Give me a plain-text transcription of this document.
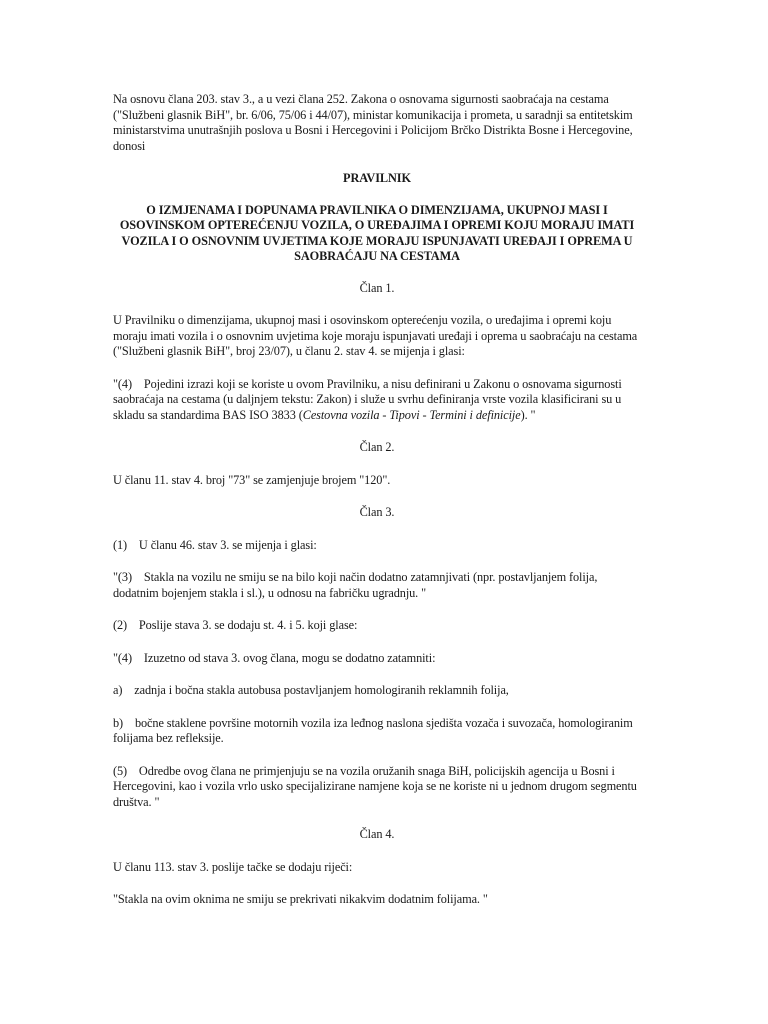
Na osnovu člana 203. stav 3., a u vezi člana 252. Zakona o osnovama sigurnosti saobraćaja na cestama ("Službeni glasnik BiH", br. 6/06, 75/06 i 44/07), ministar komunikacija i prometa, u saradnji sa entitetskim ministarstvima unutrašnjih poslova u Bosni i Hercegovini i Policijom Brčko Distrikta Bosne i Hercegovine, donosi

PRAVILNIK

O IZMJENAMA I DOPUNAMA PRAVILNIKA O DIMENZIJAMA, UKUPNOJ MASI I OSOVINSKOM OPTEREĆENJU VOZILA, O UREĐAJIMA I OPREMI KOJU MORAJU IMATI VOZILA I O OSNOVNIM UVJETIMA KOJE MORAJU ISPUNJAVATI UREĐAJI I OPREMA U SAOBRAĆAJU NA CESTAMA

Član 1.

U Pravilniku o dimenzijama, ukupnoj masi i osovinskom opterećenju vozila, o uređajima i opremi koju moraju imati vozila i o osnovnim uvjetima koje moraju ispunjavati uređaji i oprema u saobraćaju na cestama ("Službeni glasnik BiH", broj 23/07), u članu 2. stav 4. se mijenja i glasi:

"(4)    Pojedini izrazi koji se koriste u ovom Pravilniku, a nisu definirani u Zakonu o osnovama sigurnosti saobraćaja na cestama (u daljnjem tekstu: Zakon) i služe u svrhu definiranja vrste vozila klasificirani su u skladu sa standardima BAS ISO 3833 (Cestovna vozila - Tipovi - Termini i definicije). "

Član 2.

U članu 11. stav 4. broj "73" se zamjenjuje brojem "120".

Član 3.

(1)    U članu 46. stav 3. se mijenja i glasi:

"(3)    Stakla na vozilu ne smiju se na bilo koji način dodatno zatamnjivati (npr. postavljanjem folija, dodatnim bojenjem stakla i sl.), u odnosu na fabričku ugradnju. "

(2)    Poslije stava 3. se dodaju st. 4. i 5. koji glase:

"(4)    Izuzetno od stava 3. ovog člana, mogu se dodatno zatamniti:

a)    zadnja i bočna stakla autobusa postavljanjem homologiranih reklamnih folija,

b)    bočne staklene površine motornih vozila iza leđnog naslona sjedišta vozača i suvozača, homologiranim folijama bez refleksije.

(5)    Odredbe ovog člana ne primjenjuju se na vozila oružanih snaga BiH, policijskih agencija u Bosni i Hercegovini, kao i vozila vrlo usko specijalizirane namjene koja se ne koriste ni u jednom drugom segmentu društva. "

Član 4.

U članu 113. stav 3. poslije tačke se dodaju riječi:

"Stakla na ovim oknima ne smiju se prekrivati nikakvim dodatnim folijama. "
